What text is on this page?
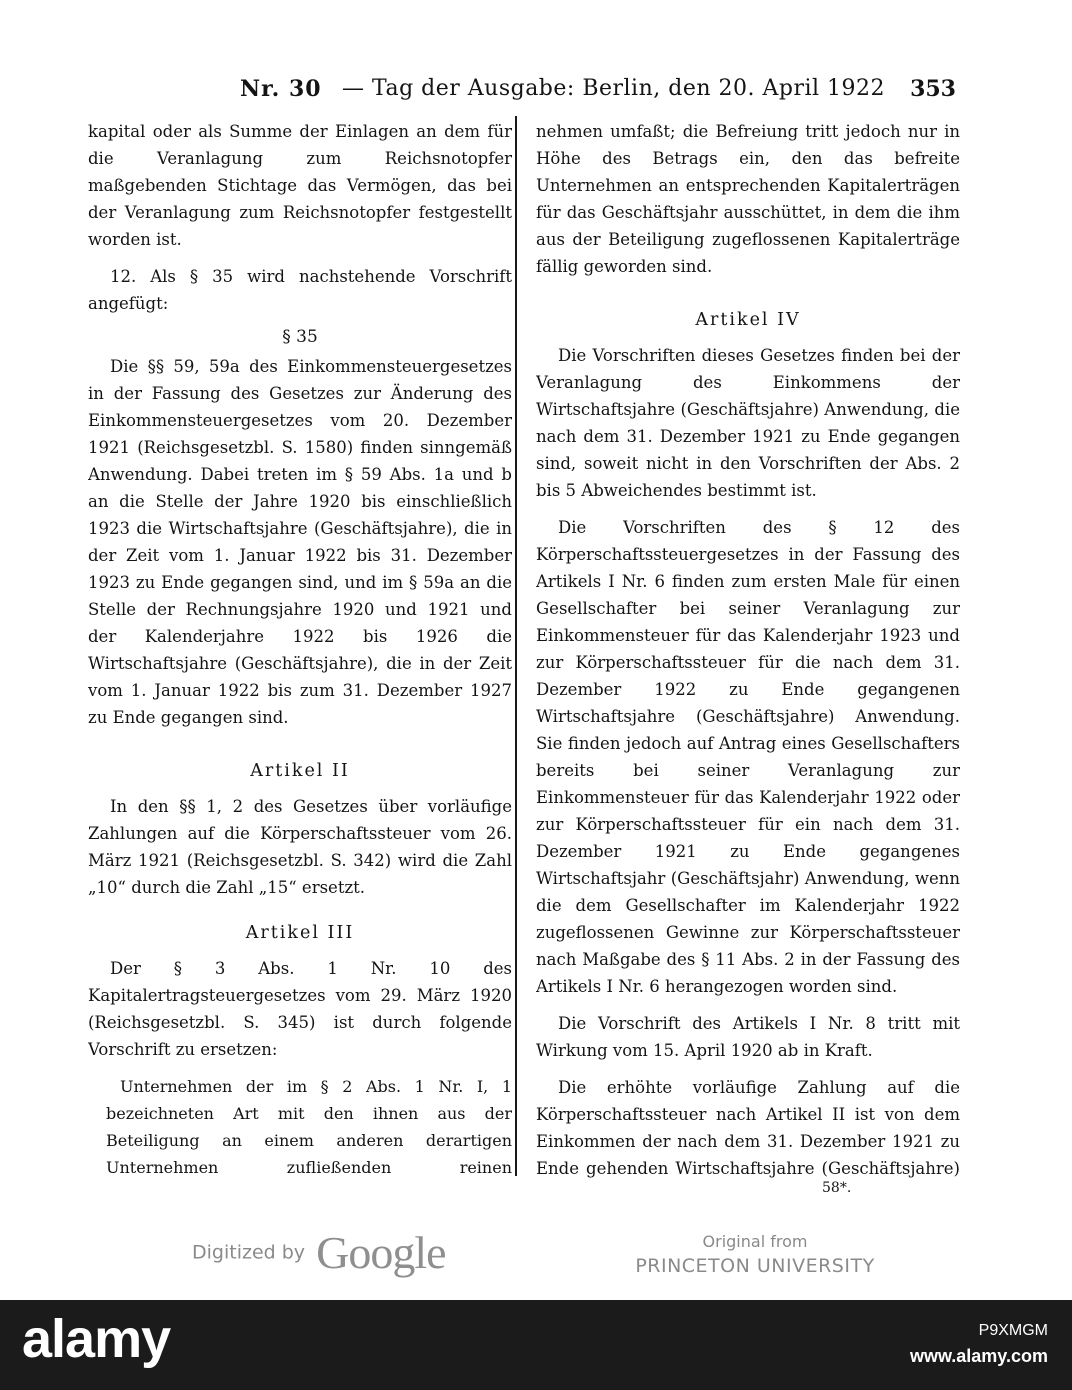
Nr. 30 — Tag der Ausgabe: Berlin, den 20. April 1922 353

kapital oder als Summe der Einlagen an dem für die Veranlagung zum Reichsnotopfer maßgebenden Stichtage das Vermögen, das bei der Veranlagung zum Reichsnotopfer festgestellt worden ist.

12. Als § 35 wird nachstehende Vorschrift angefügt:

§ 35

Die §§ 59, 59a des Einkommensteuergesetzes in der Fassung des Gesetzes zur Änderung des Einkommensteuergesetzes vom 20. Dezember 1921 (Reichsgesetzbl. S. 1580) finden sinngemäß Anwendung. Dabei treten im § 59 Abs. 1a und b an die Stelle der Jahre 1920 bis einschließlich 1923 die Wirtschaftsjahre (Geschäftsjahre), die in der Zeit vom 1. Januar 1922 bis 31. Dezember 1923 zu Ende gegangen sind, und im § 59a an die Stelle der Rechnungsjahre 1920 und 1921 und der Kalenderjahre 1922 bis 1926 die Wirtschaftsjahre (Geschäftsjahre), die in der Zeit vom 1. Januar 1922 bis zum 31. Dezember 1927 zu Ende gegangen sind.

Artikel II

In den §§ 1, 2 des Gesetzes über vorläufige Zahlungen auf die Körperschaftssteuer vom 26. März 1921 (Reichsgesetzbl. S. 342) wird die Zahl „10“ durch die Zahl „15“ ersetzt.

Artikel III

Der § 3 Abs. 1 Nr. 10 des Kapitalertragsteuergesetzes vom 29. März 1920 (Reichsgesetzbl. S. 345) ist durch folgende Vorschrift zu ersetzen:

Unternehmen der im § 2 Abs. 1 Nr. I, 1 bezeichneten Art mit den ihnen aus der Beteiligung an einem anderen derartigen Unternehmen zufließenden reinen

nehmen umfaßt; die Befreiung tritt jedoch nur in Höhe des Betrags ein, den das befreite Unternehmen an entsprechenden Kapitalerträgen für das Geschäftsjahr ausschüttet, in dem die ihm aus der Beteiligung zugeflossenen Kapitalerträge fällig geworden sind.

Artikel IV

Die Vorschriften dieses Gesetzes finden bei der Veranlagung des Einkommens der Wirtschaftsjahre (Geschäftsjahre) Anwendung, die nach dem 31. Dezember 1921 zu Ende gegangen sind, soweit nicht in den Vorschriften der Abs. 2 bis 5 Abweichendes bestimmt ist.

Die Vorschriften des § 12 des Körperschaftssteuergesetzes in der Fassung des Artikels I Nr. 6 finden zum ersten Male für einen Gesellschafter bei seiner Veranlagung zur Einkommensteuer für das Kalenderjahr 1923 und zur Körperschaftssteuer für die nach dem 31. Dezember 1922 zu Ende gegangenen Wirtschaftsjahre (Geschäftsjahre) Anwendung. Sie finden jedoch auf Antrag eines Gesellschafters bereits bei seiner Veranlagung zur Einkommensteuer für das Kalenderjahr 1922 oder zur Körperschaftssteuer für ein nach dem 31. Dezember 1921 zu Ende gegangenes Wirtschaftsjahr (Geschäftsjahr) Anwendung, wenn die dem Gesellschafter im Kalenderjahr 1922 zugeflossenen Gewinne zur Körperschaftssteuer nach Maßgabe des § 11 Abs. 2 in der Fassung des Artikels I Nr. 6 herangezogen worden sind.

Die Vorschrift des Artikels I Nr. 8 tritt mit Wirkung vom 15. April 1920 ab in Kraft.

Die erhöhte vorläufige Zahlung auf die Körperschaftssteuer nach Artikel II ist von dem Einkommen der nach dem 31. Dezember 1921 zu Ende gehenden Wirtschaftsjahre (Geschäftsjahre)

58*.
Digitized by Google	Original from
PRINCETON UNIVERSITY
alamy	P9XMGM
www.alamy.com
